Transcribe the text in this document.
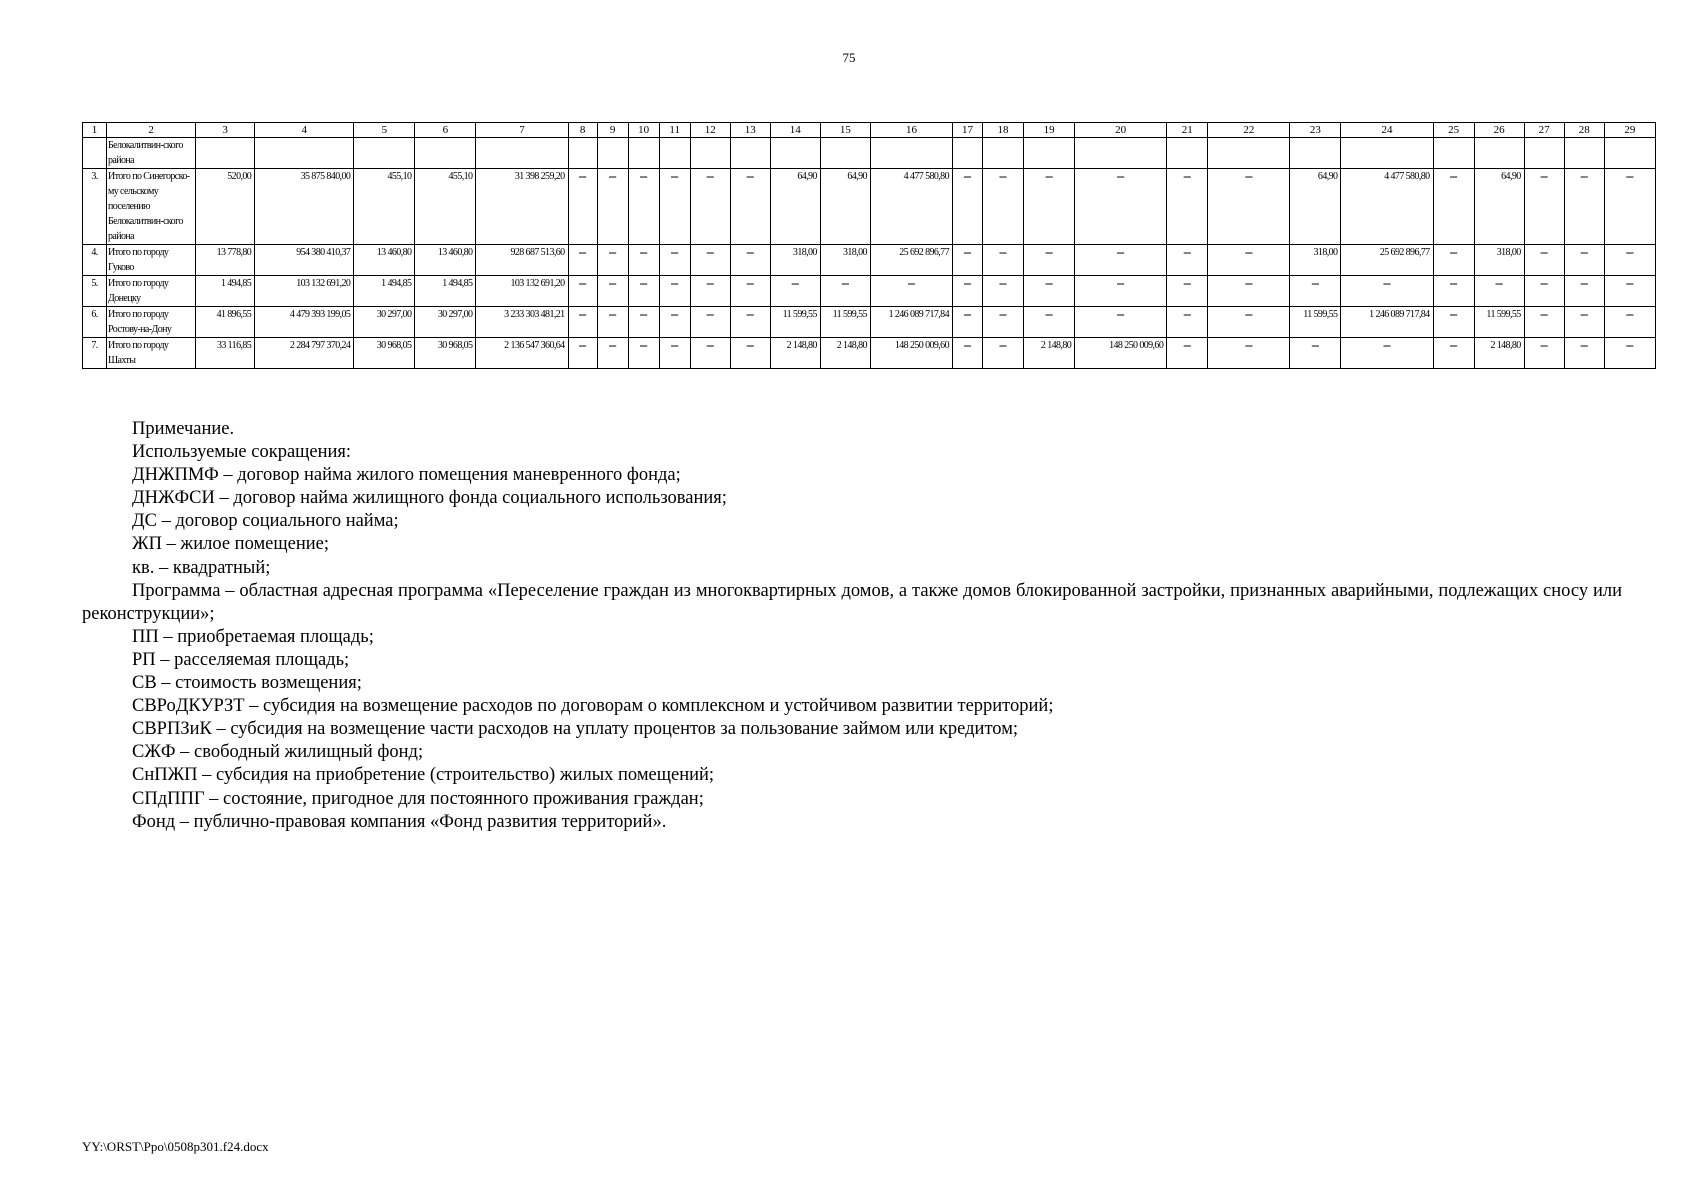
75
1	2	3	4	5	6	7	8	9	10	11	12	13	14	15	16	17	18	19	20	21	22	23	24	25	26	27	28	29
	Белокалитвин-ского района																											
3.	Итого по Синегорско-му сельскому поселению Белокалитвин-ского района	520,00	35 875 840,00	455,10	455,10	31 398 259,20	–	–	–	–	–	–	64,90	64,90	4 477 580,80	–	–	–	–	–	–	64,90	4 477 580,80	–	64,90	–	–	–
4.	Итого по городу Гуково	13 778,80	954 380 410,37	13 460,80	13 460,80	928 687 513,60	–	–	–	–	–	–	318,00	318,00	25 692 896,77	–	–	–	–	–	–	318,00	25 692 896,77	–	318,00	–	–	–
5.	Итого по городу Донецку	1 494,85	103 132 691,20	1 494,85	1 494,85	103 132 691,20	–	–	–	–	–	–	–	–	–	–	–	–	–	–	–	–	–	–	–	–	–	–
6.	Итого по городу Ростову-на-Дону	41 896,55	4 479 393 199,05	30 297,00	30 297,00	3 233 303 481,21	–	–	–	–	–	–	11 599,55	11 599,55	1 246 089 717,84	–	–	–	–	–	–	11 599,55	1 246 089 717,84	–	11 599,55	–	–	–
7.	Итого по городу Шахты	33 116,85	2 284 797 370,24	30 968,05	30 968,05	2 136 547 360,64	–	–	–	–	–	–	2 148,80	2 148,80	148 250 009,60	–	–	2 148,80	148 250 009,60	–	–	–	–	–	2 148,80	–	–	–

Примечание.

Используемые сокращения:

ДНЖПМФ – договор найма жилого помещения маневренного фонда;

ДНЖФСИ – договор найма жилищного фонда социального использования;

ДС – договор социального найма;

ЖП – жилое помещение;

кв. – квадратный;

Программа – областная адресная программа «Переселение граждан из многоквартирных домов, а также домов блокированной застройки, признанных аварийными, подлежащих сносу или реконструкции»;

ПП – приобретаемая площадь;

РП – расселяемая площадь;

СВ – стоимость возмещения;

СВРоДКУРЗТ – субсидия на возмещение расходов по договорам о комплексном и устойчивом развитии территорий;

СВРПЗиК – субсидия на возмещение части расходов на уплату процентов за пользование займом или кредитом;

СЖФ – свободный жилищный фонд;

СнПЖП – субсидия на приобретение (строительство) жилых помещений;

СПдППГ – состояние, пригодное для постоянного проживания граждан;

Фонд – публично-правовая компания «Фонд развития территорий».

YY:\ORST\Ppo\0508p301.f24.docx
